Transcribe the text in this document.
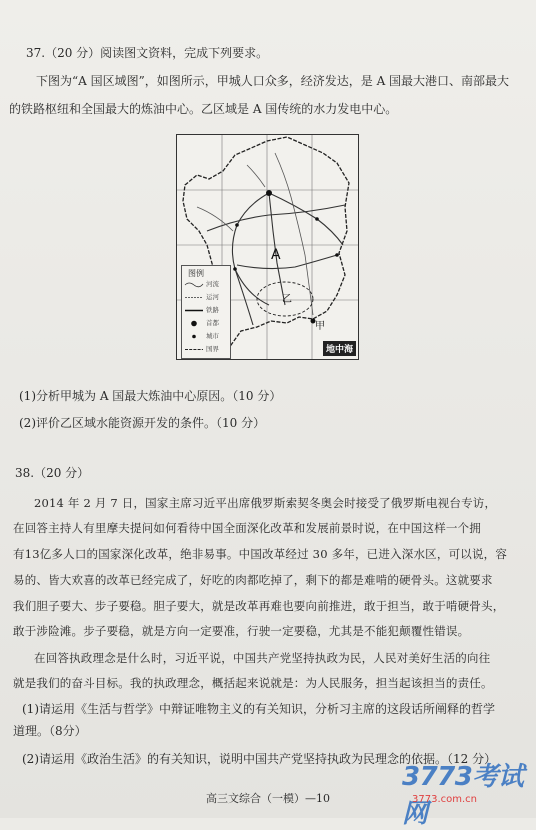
37.（20 分）阅读图文资料，完成下列要求。
下图为“A 国区域图”，如图所示，甲城人口众多，经济发达，是 A 国最大港口、南部最大
的铁路枢纽和全国最大的炼油中心。乙区域是 A 国传统的水力发电中心。
A
乙
甲
地中海
图例
河流
运河
铁路
首都
城市
国界
(1)分析甲城为 A 国最大炼油中心原因。（10 分）
(2)评价乙区域水能资源开发的条件。（10 分）
38.（20 分）
2014 年 2 月 7 日，国家主席习近平出席俄罗斯索契冬奥会时接受了俄罗斯电视台专访，
在回答主持人有里摩夫提问如何看待中国全面深化改革和发展前景时说，在中国这样一个拥
有13亿多人口的国家深化改革，绝非易事。中国改革经过 30 多年，已进入深水区，可以说，容
易的、皆大欢喜的改革已经完成了，好吃的肉都吃掉了，剩下的都是难啃的硬骨头。这就要求
我们胆子要大、步子要稳。胆子要大，就是改革再难也要向前推进，敢于担当，敢于啃硬骨头，
敢于涉险滩。步子要稳，就是方向一定要准，行驶一定要稳，尤其是不能犯颠覆性错误。
在回答执政理念是什么时，习近平说，中国共产党坚持执政为民，人民对美好生活的向往
就是我们的奋斗目标。我的执政理念，概括起来说就是：为人民服务，担当起该担当的责任。
(1)请运用《生活与哲学》中辩证唯物主义的有关知识，分析习主席的这段话所阐释的哲学
道理。（8分）
(2)请运用《政治生活》的有关知识，说明中国共产党坚持执政为民理念的依据。（12 分）
高三文综合（一模）—10
3773考试网
3773.com.cn
